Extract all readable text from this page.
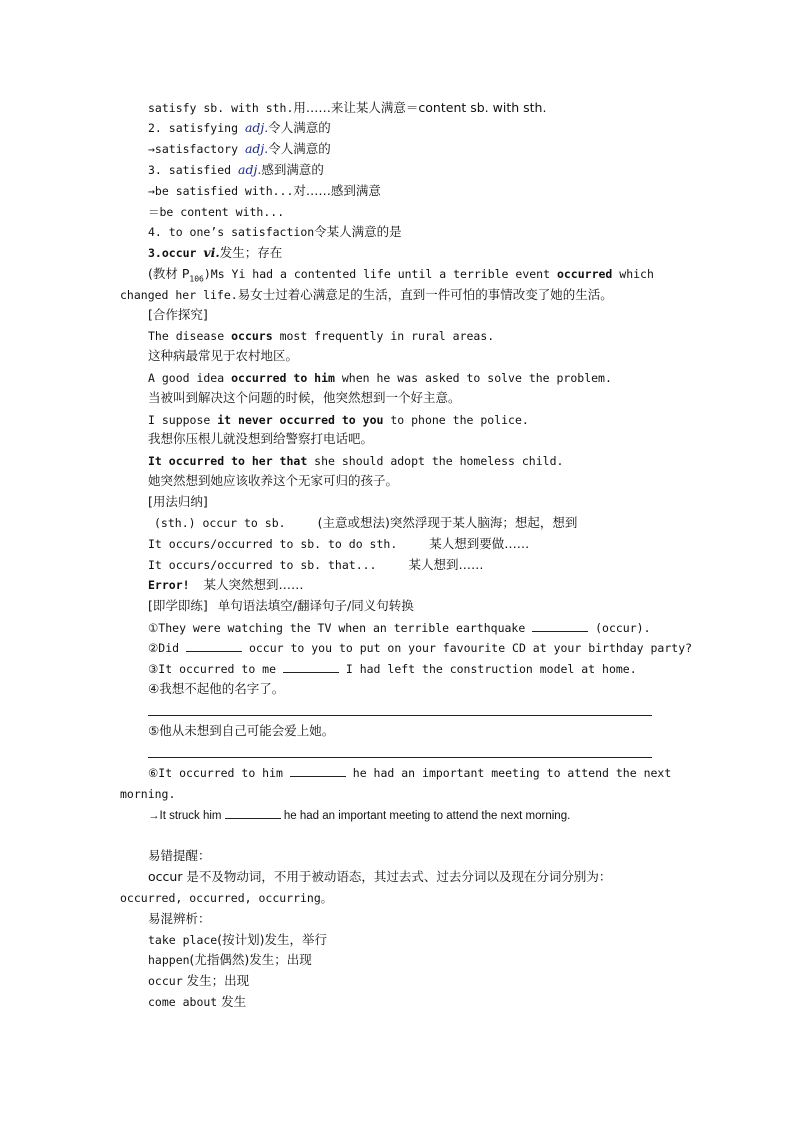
satisfy sb. with sth.用……来让某人满意＝content sb. with sth.
2. satisfying adj.令人满意的
→satisfactory adj.令人满意的
3. satisfied adj.感到满意的
→be satisfied with...对……感到满意
＝be content with...
4. to one’s satisfaction令某人满意的是
3.occur vi.发生；存在
(教材 $P_{106})Ms$ Yi had a contented life until a terrible event occurred which
changed her life.易女士过着心满意足的生活，直到一件可怕的事情改变了她的生活。
[合作探究]
The disease occurs most frequently in rural areas.
这种病最常见于农村地区。
A good idea occurred to him when he was asked to solve the problem.
当被叫到解决这个问题的时候，他突然想到一个好主意。
I suppose it never occurred to you to phone the police.
我想你压根儿就没想到给警察打电话吧。
It occurred to her that she should adopt the homeless child.
她突然想到她应该收养这个无家可归的孩子。
[用法归纳]
(sth.) occur to sb.	(主意或想法)突然浮现于某人脑海；想起，想到
It occurs/occurred to sb. to do sth.	某人想到要做……
It occurs/occurred to sb. that...	某人想到……
Error! 某人突然想到……
[即学即练] 单句语法填空/翻译句子/同义句转换
①They were watching the TV when an terrible earthquake	(occur).
②Did	occur to you to put on your favourite CD at your birthday party?
③It occurred to me	I had left the construction model at home.
④我想不起他的名字了。
⑤他从未想到自己可能会爱上她。
⑥It occurred to him	he had an important meeting to attend the next
morning.
→It struck him	he had an important meeting to attend the next morning.
易错提醒：
occur 是不及物动词，不用于被动语态，其过去式、过去分词以及现在分词分别为：
occurred, occurred, occurring。
易混辨析：
take place(按计划)发生，举行
happen(尤指偶然)发生；出现
occur 发生；出现
come about 发生
